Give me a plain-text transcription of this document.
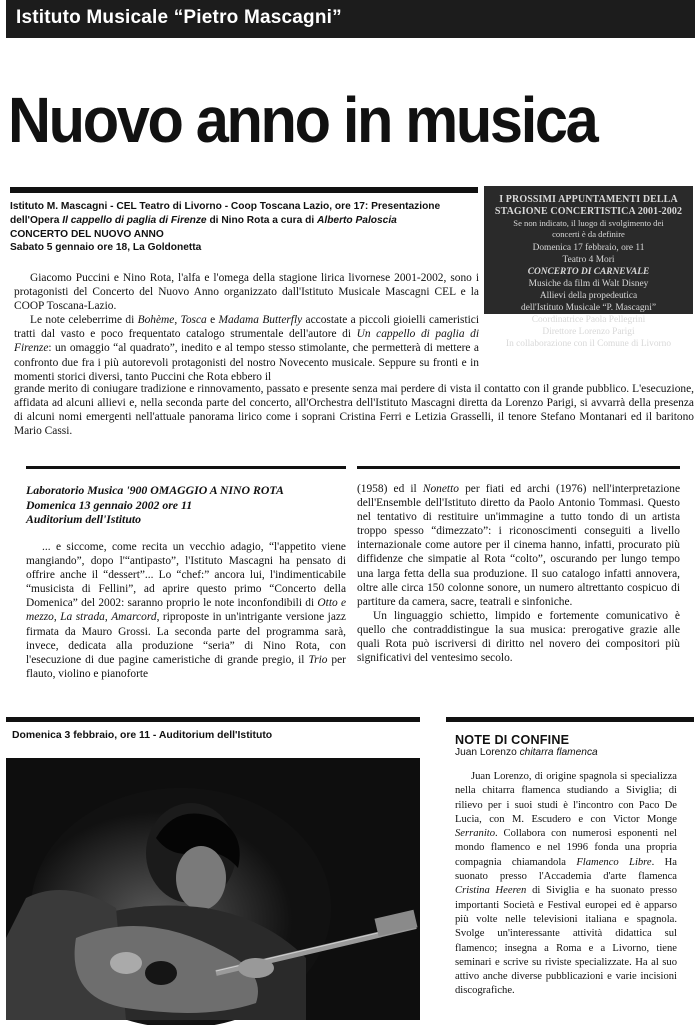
Istituto Musicale “Pietro Mascagni”
Nuovo anno in musica
Istituto M. Mascagni - CEL Teatro di Livorno - Coop Toscana Lazio, ore 17: Presentazione dell'Opera Il cappello di paglia di Firenze di Nino Rota a cura di Alberto Paloscia
CONCERTO DEL NUOVO ANNO
Sabato 5 gennaio ore 18, La Goldonetta
I PROSSIMI APPUNTAMENTI DELLA STAGIONE CONCERTISTICA 2001-2002
Se non indicato, il luogo di svolgimento dei concerti è da definire
Domenica 17 febbraio, ore 11
Teatro 4 Mori
CONCERTO DI CARNEVALE
Musiche da film di Walt Disney
Allievi della propedeutica
dell'Istituto Musicale “P. Mascagni”
Coordinatrice Paola Pellegrini
Direttore Lorenzo Parigi
In collaborazione con il Comune di Livorno

Giacomo Puccini e Nino Rota, l'alfa e l'omega della stagione lirica livornese 2001-2002, sono i protagonisti del Concerto del Nuovo Anno organizzato dall'Istituto Musicale Mascagni CEL e la COOP Toscana-Lazio.

Le note celeberrime di Bohème, Tosca e Madama Butterfly accostate a piccoli gioielli cameristici tratti dal vasto e poco frequentato catalogo strumentale dell'autore di Un cappello di paglia di Firenze: un omaggio “al quadrato”, inedito e al tempo stesso stimolante, che permetterà di mettere a confronto due fra i più autorevoli protagonisti del nostro Novecento musicale. Seppure su fronti e in momenti storici diversi, tanto Puccini che Rota ebbero il

grande merito di coniugare tradizione e rinnovamento, passato e presente senza mai perdere di vista il contatto con il grande pubblico. L'esecuzione, affidata ad alcuni allievi e, nella seconda parte del concerto, all'Orchestra dell'Istituto Mascagni diretta da Lorenzo Parigi, si avvarrà della presenza di alcuni nomi emergenti nell'attuale panorama lirico come i soprani Cristina Ferri e Letizia Grasselli, il tenore Stefano Montanari ed il baritono Mario Cassi.

Laboratorio Musica '900 OMAGGIO A NINO ROTA
Domenica 13 gennaio 2002 ore 11
Auditorium dell'Istituto

... e siccome, come recita un vecchio adagio, “l'appetito viene mangiando”, dopo l'“antipasto”, l'Istituto Mascagni ha pensato di offrire anche il “dessert”... Lo “chef:” ancora lui, l'indimenticabile “musicista di Fellini”, ad aprire questo primo “Concerto della Domenica” del 2002: saranno proprio le note inconfondibili di Otto e mezzo, La strada, Amarcord, riproposte in un'intrigante versione jazz firmata da Mauro Grossi. La seconda parte del programma sarà, invece, dedicata alla produzione “seria” di Nino Rota, con l'esecuzione di due pagine cameristiche di grande pregio, il Trio per flauto, violino e pianoforte

(1958) ed il Nonetto per fiati ed archi (1976) nell'interpretazione dell'Ensemble dell'Istituto diretto da Paolo Antonio Tommasi. Questo nel tentativo di restituire un'immagine a tutto tondo di un artista troppo spesso “dimezzato”: i riconoscimenti conseguiti a livello internazionale come autore per il cinema hanno, infatti, procurato più diffidenze che simpatie al Rota “colto”, oscurando per lungo tempo una larga fetta della sua produzione. Il suo catalogo infatti annovera, oltre alle circa 150 colonne sonore, un numero altrettanto cospicuo di partiture da camera, sacre, teatrali e sinfoniche.

Un linguaggio schietto, limpido e fortemente comunicativo è quello che contraddistingue la sua musica: prerogative grazie alle quali Rota può iscriversi di diritto nel novero dei compositori più significativi del ventesimo secolo.

Domenica 3 febbraio, ore 11 - Auditorium dell'Istituto	NOTE DI CONFINE
Juan Lorenzo chitarra flamenca

Juan Lorenzo, di origine spagnola si specializza nella chitarra flamenca studiando a Siviglia; di rilievo per i suoi studi è l'incontro con Paco De Lucia, con M. Escudero e con Victor Monge Serranito. Collabora con numerosi esponenti nel mondo flamenco e nel 1996 fonda una propria compagnia chiamandola Flamenco Libre. Ha suonato presso l'Accademia d'arte flamenca Cristina Heeren di Siviglia e ha suonato presso importanti Società e Festival europei ed è apparso più volte nelle televisioni italiana e spagnola. Svolge un'interessante attività didattica sul flamenco; insegna a Roma e a Livorno, tiene seminari e scrive su riviste specializzate. Ha al suo attivo anche diverse pubblicazioni e varie incisioni discografiche.
